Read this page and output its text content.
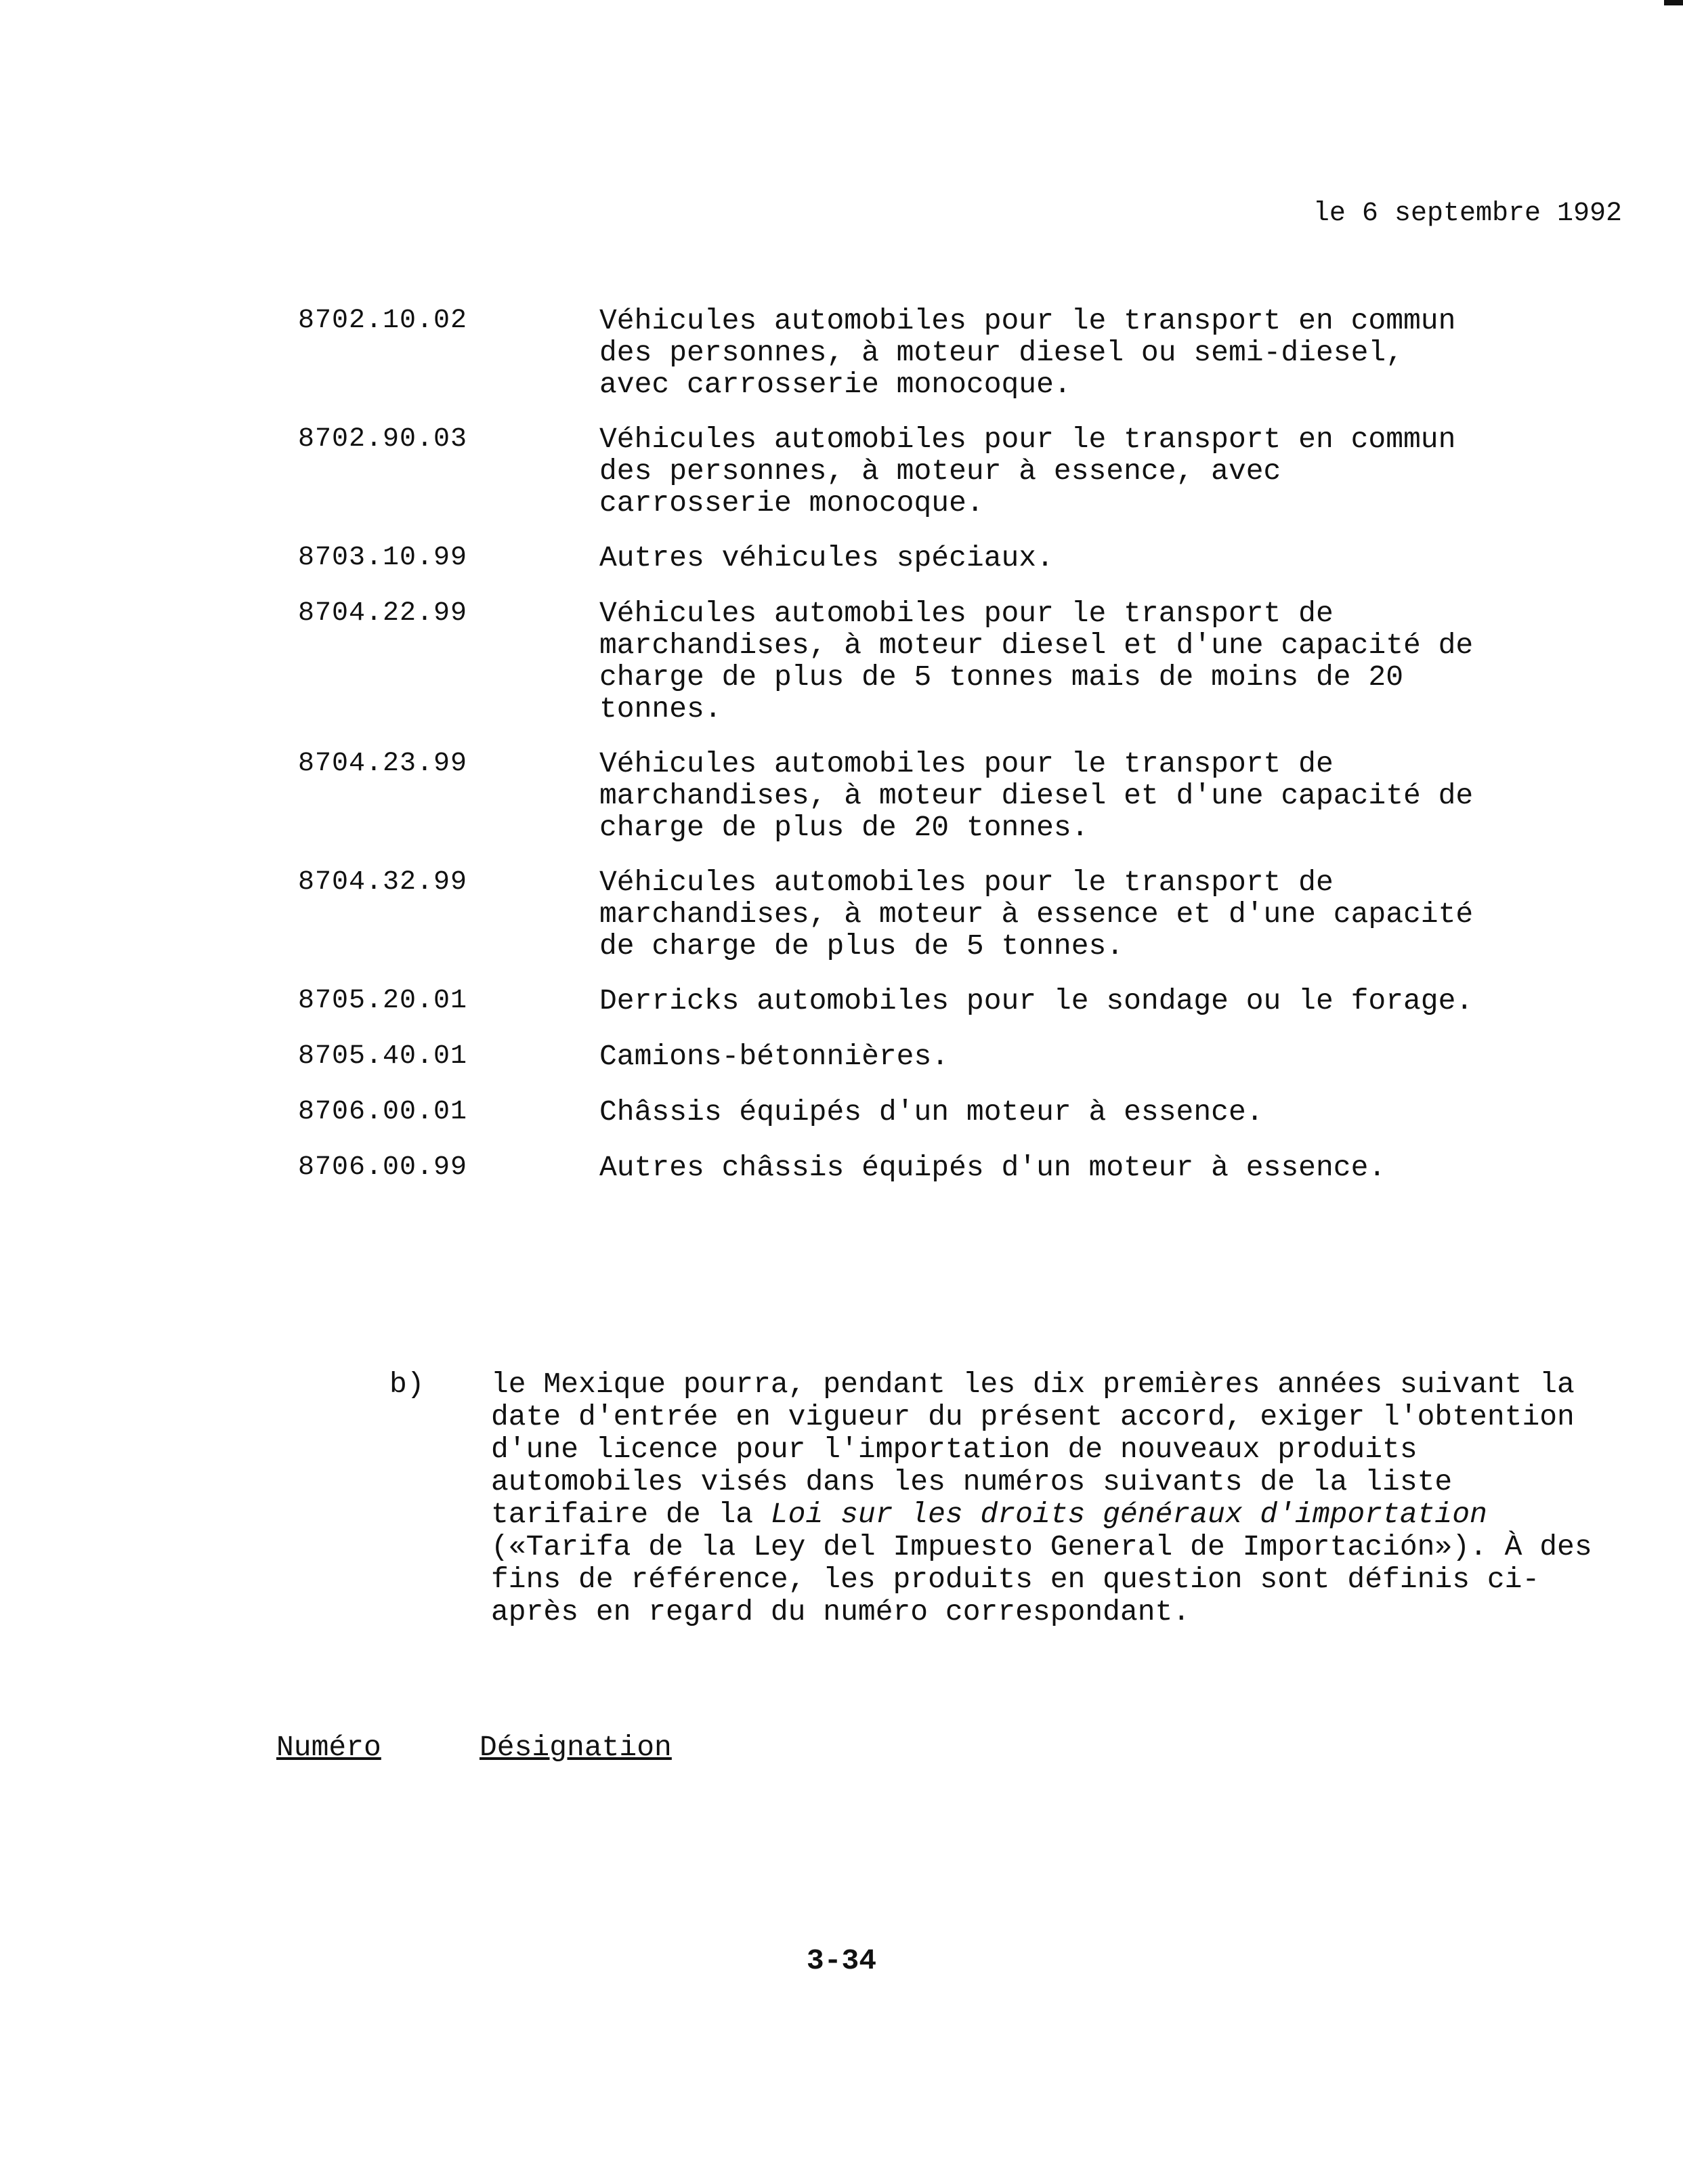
le 6 septembre 1992
8702.10.02	Véhicules automobiles pour le transport en commun
des personnes, à moteur diesel ou semi-diesel,
avec carrosserie monocoque.
8702.90.03	Véhicules automobiles pour le transport en commun
des personnes, à moteur à essence, avec
carrosserie monocoque.
8703.10.99	Autres véhicules spéciaux.
8704.22.99	Véhicules automobiles pour le transport de
marchandises, à moteur diesel et d'une capacité de
charge de plus de 5 tonnes mais de moins de 20
tonnes.
8704.23.99	Véhicules automobiles pour le transport de
marchandises, à moteur diesel et d'une capacité de
charge de plus de 20 tonnes.
8704.32.99	Véhicules automobiles pour le transport de
marchandises, à moteur à essence et d'une capacité
de charge de plus de 5 tonnes.
8705.20.01	Derricks automobiles pour le sondage ou le forage.
8705.40.01	Camions-bétonnières.
8706.00.01	Châssis équipés d'un moteur à essence.
8706.00.99	Autres châssis équipés d'un moteur à essence.
b)	le Mexique pourra, pendant les dix premières années suivant la date d'entrée en vigueur du présent accord, exiger l'obtention d'une licence pour l'importation de nouveaux produits automobiles visés dans les numéros suivants de la liste tarifaire de la Loi sur les droits généraux d'importation («Tarifa de la Ley del Impuesto General de Importación»). À des fins de référence, les produits en question sont définis ci-après en regard du numéro correspondant.
Numéro	Désignation
3-34
